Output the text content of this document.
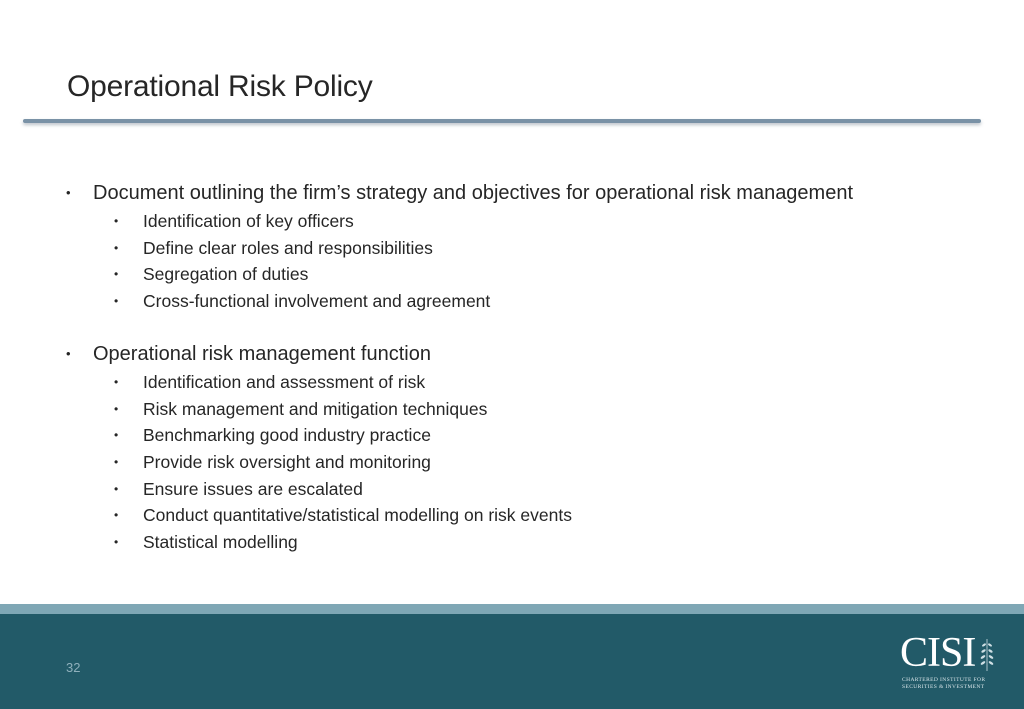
Operational Risk Policy
• Document outlining the firm’s strategy and objectives for operational risk management
• Identification of key officers
• Define clear roles and responsibilities
• Segregation of duties
• Cross-functional involvement and agreement
• Operational risk management function
• Identification and assessment of risk
• Risk management and mitigation techniques
• Benchmarking good industry practice
• Provide risk oversight and monitoring
• Ensure issues are escalated
• Conduct quantitative/statistical modelling on risk events
• Statistical modelling
32	CISI
CHARTERED INSTITUTE FOR
SECURITIES & INVESTMENT
